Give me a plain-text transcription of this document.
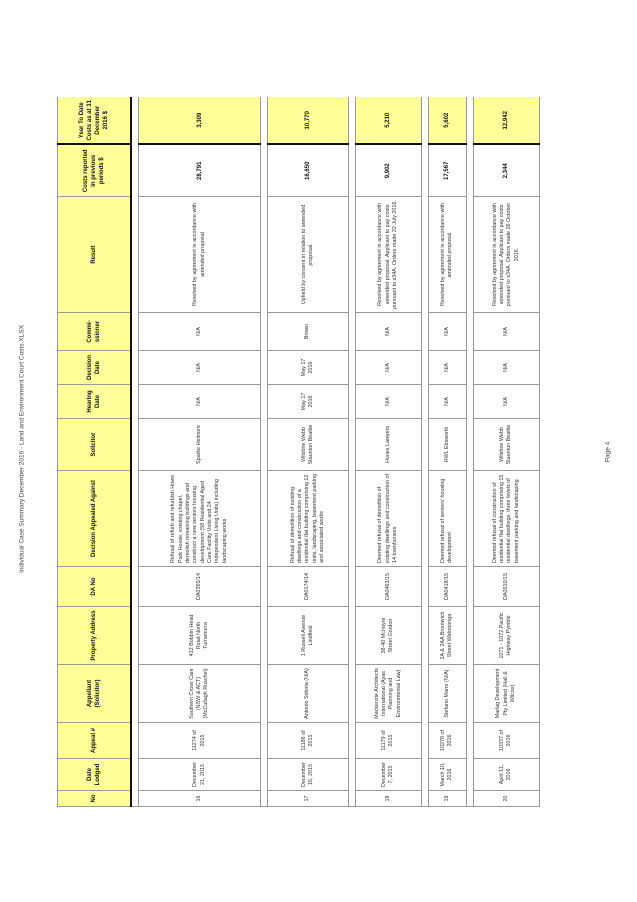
Individual Case Summary December 2016 - Land and Environment Court Costs.XLSX	Page 4
No	Date Lodged	Appeal #	Appellant (Solicitor)	Property Address	DA No	Decision Appealed Against	Solicitor	Hearing Date	Decision Date	Commi-ssioner	Result	Costs reported in previous periods $	Year To Date Costs as at 31 December 2016 $

16	December 21, 2015	11274 of 2015	Southern Cross Care (NSW & ACT) (McCullagh Ruschel)	412 Bobbin Head Road North Turramurra	DA0365/14	Refusal of refurb and refurbish Hows Park House, existing chapel, demolish remaining buildings and construct a new seniors housing development (58 Residential Aged Care Facility Units and 24 Independent Living Units) including landscaping works	Sparke Helmore	N/A	N/A	N/A	Resolved by agreement in accordance with amended proposal	28,791	3,309

17	December 16, 2015	11186 of 2015	Antonio Sidoria (N/A)	1 Russell Avenue Lindfield	DA0174/14	Refusal of demolition of existing dwellings and construction of a residential flat building comprising 12 units, landscaping, basement parking and associated works	Wilshire Webb Staunton Beattie	May 17 2016	May 17 2016	Brown	Upheld by consent in relation to amended proposal.	16,650	10,770

18	December 7, 2015	11179 of 2015	Mackenzie Architects International (Ayas Planning and Environmental Law)	38-40 McIntyre Street Gordon	DA0463/15	Deemed refusal of demolition of existing dwellings and construction of 14 townhouses	Hones Lawyers	N/A	N/A	N/A	Resolved by agreement in accordance with amended proposal. Applicant to pay costs pursuant to s34A. Orders made 22 July 2016.	9,902	5,210

19	March 10, 2016	10278 of 2016	Stefano Marro (N/A)	2A & 2AA Bromwich Street Wahroonga	DA0418/15	Deemed refusal of seniors' housing development	HWL Ebsworth	N/A	N/A	N/A	Resolved by agreement in accordance with amended proposal.	17,567	5,602

20	April 11, 2016	10337 of 2016	Marlag Development Pty Limited (Hall & Wilcox)	1071 - 1072 Pacific Highway Pymble	DA0510/15	Deemed refusal of construction of residential flat building comprising 15 residential dwellings, three levels of basement parking and landscaping	Wilshire Webb Staunton Beattie	N/A	N/A	N/A	Resolved by agreement in accordance with amended proposal. Applicant to pay costs pursuant to s34A. Orders made 26 October 2016.	2,344	12,942
